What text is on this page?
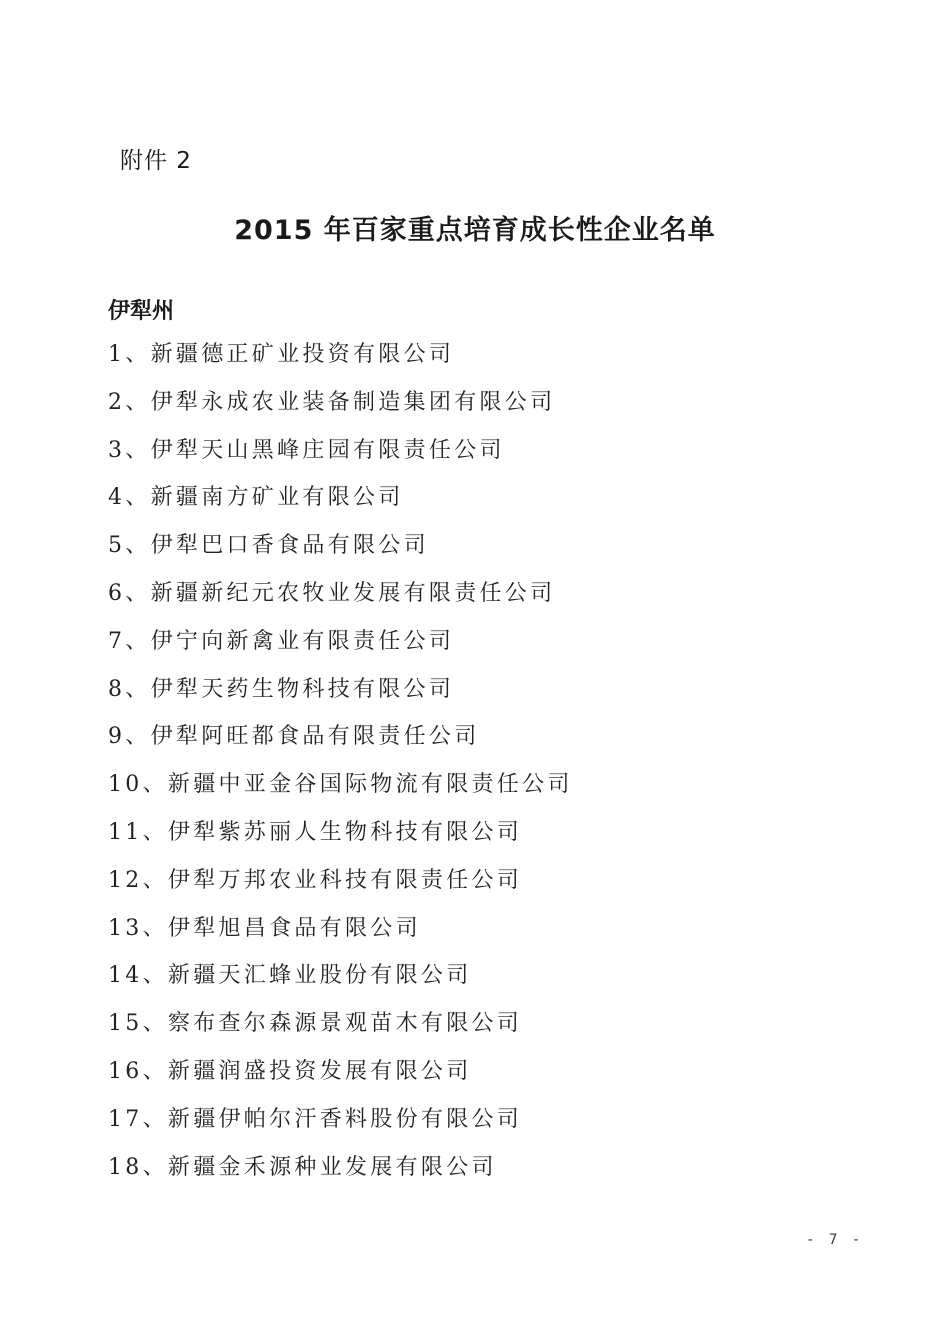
附件 2
2015 年百家重点培育成长性企业名单
伊犁州
1、新疆德正矿业投资有限公司
2、伊犁永成农业装备制造集团有限公司
3、伊犁天山黑峰庄园有限责任公司
4、新疆南方矿业有限公司
5、伊犁巴口香食品有限公司
6、新疆新纪元农牧业发展有限责任公司
7、伊宁向新禽业有限责任公司
8、伊犁天药生物科技有限公司
9、伊犁阿旺都食品有限责任公司
10、新疆中亚金谷国际物流有限责任公司
11、伊犁紫苏丽人生物科技有限公司
12、伊犁万邦农业科技有限责任公司
13、伊犁旭昌食品有限公司
14、新疆天汇蜂业股份有限公司
15、察布查尔森源景观苗木有限公司
16、新疆润盛投资发展有限公司
17、新疆伊帕尔汗香料股份有限公司
18、新疆金禾源种业发展有限公司
- 7 -
